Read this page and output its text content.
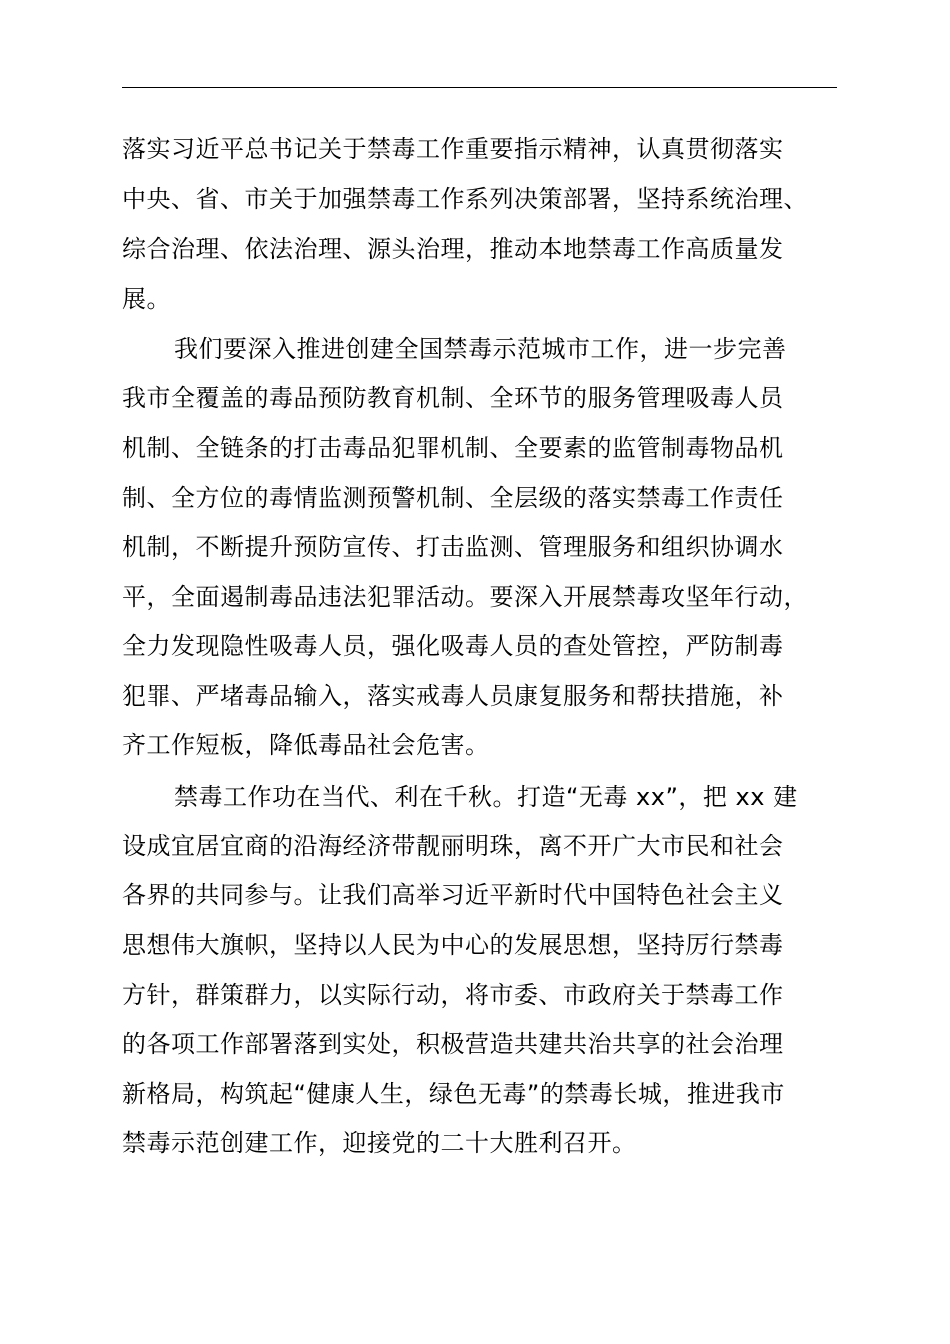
落实习近平总书记关于禁毒工作重要指示精神，认真贯彻落实
中央、省、市关于加强禁毒工作系列决策部署，坚持系统治理、
综合治理、依法治理、源头治理，推动本地禁毒工作高质量发
展。
我们要深入推进创建全国禁毒示范城市工作，进一步完善
我市全覆盖的毒品预防教育机制、全环节的服务管理吸毒人员
机制、全链条的打击毒品犯罪机制、全要素的监管制毒物品机
制、全方位的毒情监测预警机制、全层级的落实禁毒工作责任
机制，不断提升预防宣传、打击监测、管理服务和组织协调水
平，全面遏制毒品违法犯罪活动。要深入开展禁毒攻坚年行动，
全力发现隐性吸毒人员，强化吸毒人员的查处管控，严防制毒
犯罪、严堵毒品输入，落实戒毒人员康复服务和帮扶措施，补
齐工作短板，降低毒品社会危害。
禁毒工作功在当代、利在千秋。打造“无毒 xx”，把 xx 建
设成宜居宜商的沿海经济带靓丽明珠，离不开广大市民和社会
各界的共同参与。让我们高举习近平新时代中国特色社会主义
思想伟大旗帜，坚持以人民为中心的发展思想，坚持厉行禁毒
方针，群策群力，以实际行动，将市委、市政府关于禁毒工作
的各项工作部署落到实处，积极营造共建共治共享的社会治理
新格局，构筑起“健康人生，绿色无毒”的禁毒长城，推进我市
禁毒示范创建工作，迎接党的二十大胜利召开。
